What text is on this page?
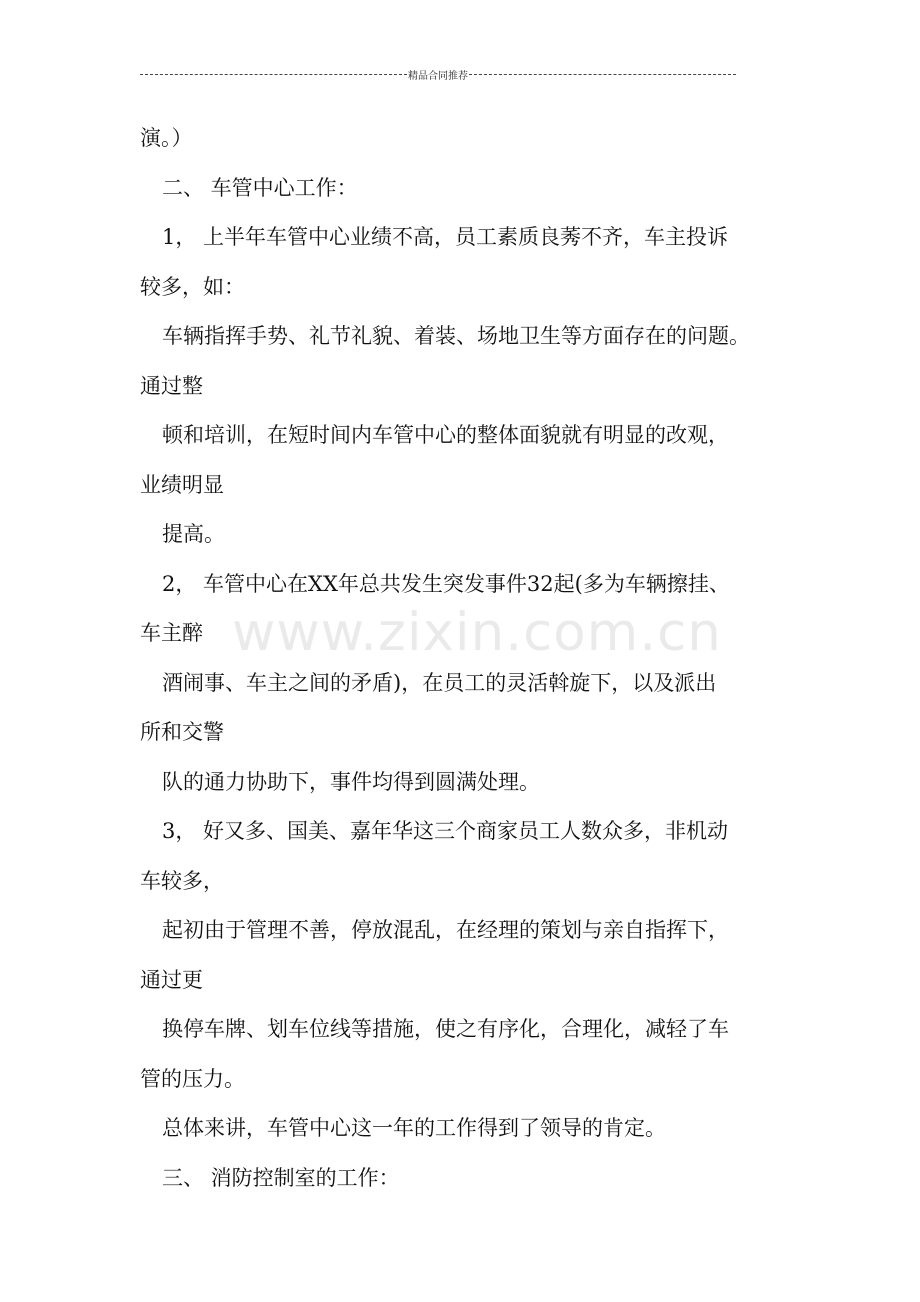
精品合同推荐
演。）
二、 车管中心工作：
1， 上半年车管中心业绩不高，员工素质良莠不齐，车主投诉
较多，如：
车辆指挥手势、礼节礼貌、着装、场地卫生等方面存在的问题。
通过整
顿和培训，在短时间内车管中心的整体面貌就有明显的改观，
业绩明显
提高。
2， 车管中心在XX年总共发生突发事件32起(多为车辆擦挂、
车主醉
酒闹事、车主之间的矛盾)，在员工的灵活斡旋下，以及派出
所和交警
队的通力协助下，事件均得到圆满处理。
3， 好又多、国美、嘉年华这三个商家员工人数众多，非机动
车较多，
起初由于管理不善，停放混乱，在经理的策划与亲自指挥下，
通过更
换停车牌、划车位线等措施，使之有序化，合理化，减轻了车
管的压力。
总体来讲，车管中心这一年的工作得到了领导的肯定。
三、 消防控制室的工作：
www.zixin.com.cn
